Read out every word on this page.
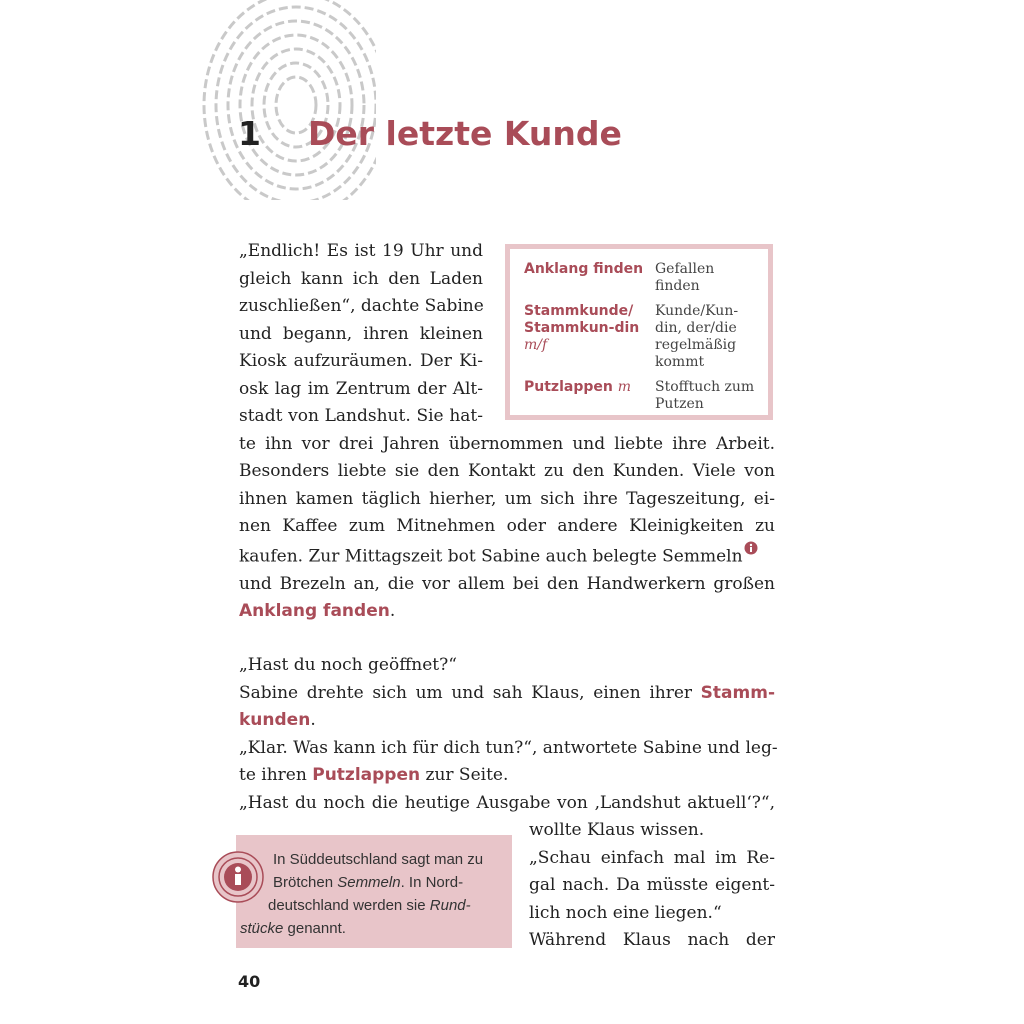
1 Der letzte Kunde
Anklang finden Gefallen finden
Stammkunde/ Stammkun-din m/f
Kunde/Kun-din, der/die regelmäßig kommt
Putzlappen m	Stofftuch zum Putzen
„Endlich! Es ist 19 Uhr und
gleich kann ich den Laden
zuschließen“, dachte Sabine
und begann, ihren kleinen
Kiosk aufzuräumen. Der Ki-
osk lag im Zentrum der Alt-
stadt von Landshut. Sie hat-
te ihn vor drei Jahren übernommen und liebte ihre Arbeit.
Besonders liebte sie den Kontakt zu den Kunden. Viele von
ihnen kamen täglich hierher, um sich ihre Tageszeitung, ei-
nen Kaffee zum Mitnehmen oder andere Kleinigkeiten zu
kaufen. Zur Mittagszeit bot Sabine auch belegte Semmeln
und Brezeln an, die vor allem bei den Handwerkern großen
Anklang fanden.
„Hast du noch geöffnet?“
Sabine drehte sich um und sah Klaus, einen ihrer Stamm-
kunden.
„Klar. Was kann ich für dich tun?“, antwortete Sabine und leg-
te ihren Putzlappen zur Seite.
„Hast du noch die heutige Ausgabe von ‚Landshut aktuell‘?“,
wollte Klaus wissen.
„Schau einfach mal im Re-
gal nach. Da müsste eigent-
lich noch eine liegen.“
Während Klaus nach der
In Süddeutschland sagt man zu
Brötchen Semmeln. In Nord-
deutschland werden sie Rund-
stücke genannt.
40
